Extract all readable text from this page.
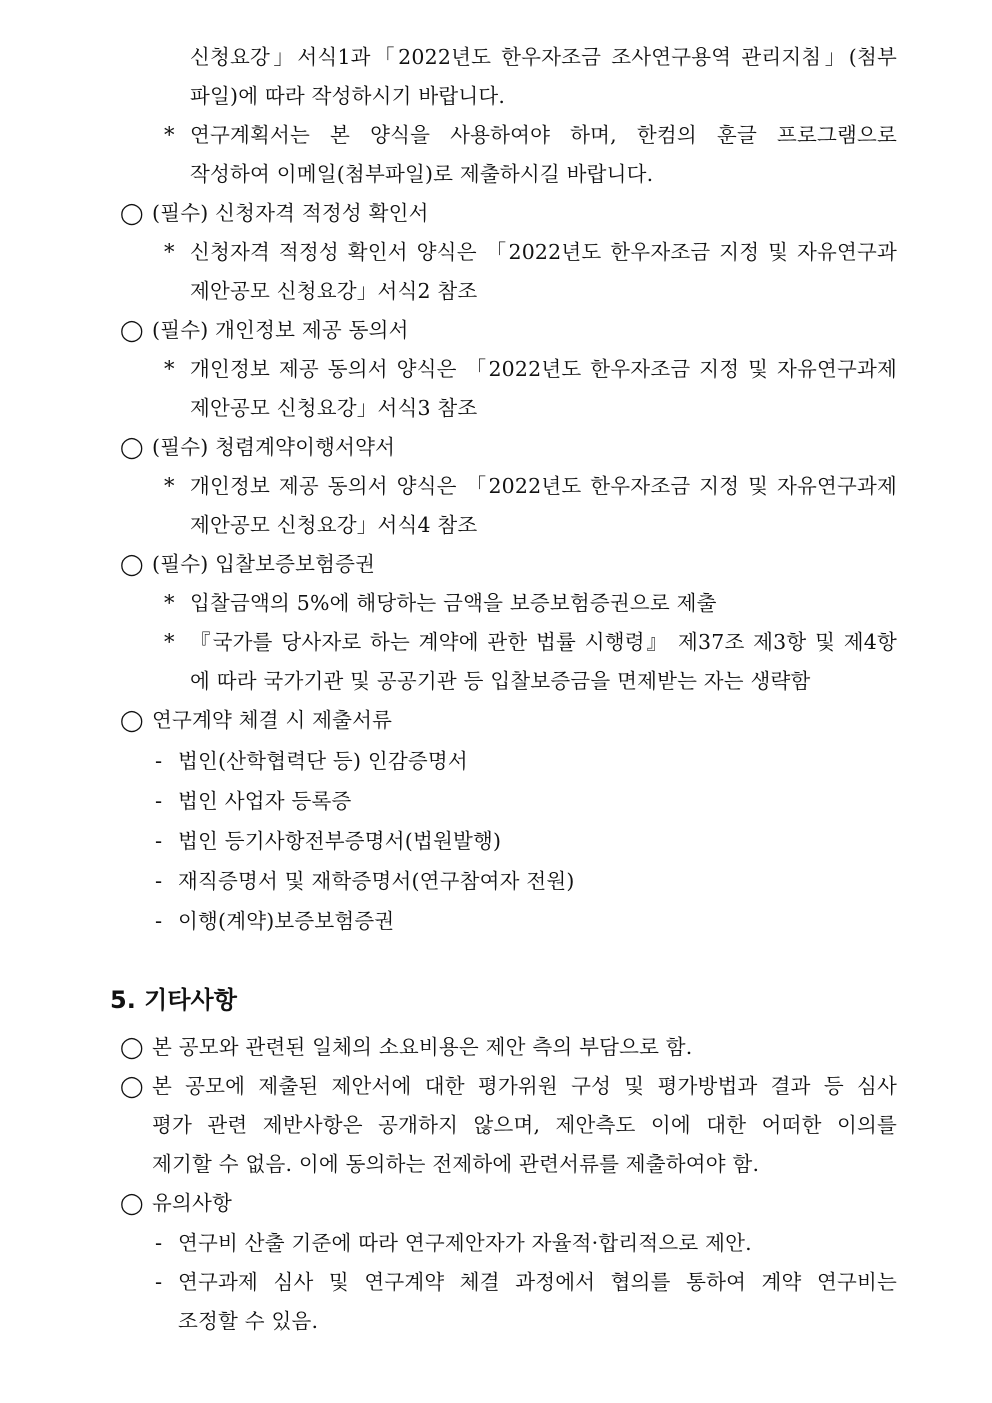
신청요강」서식1과「2022년도 한우자조금 조사연구용역 관리지침」(첨부
파일)에 따라 작성하시기 바랍니다.
* 연구계획서는 본 양식을 사용하여야 하며, 한컴의 훈글 프로그램으로
작성하여 이메일(첨부파일)로 제출하시길 바랍니다.
◯ (필수) 신청자격 적정성 확인서
* 신청자격 적정성 확인서 양식은 「2022년도 한우자조금 지정 및 자유연구과
제안공모 신청요강」서식2 참조
◯ (필수) 개인정보 제공 동의서
* 개인정보 제공 동의서 양식은 「2022년도 한우자조금 지정 및 자유연구과제
제안공모 신청요강」서식3 참조
◯ (필수) 청렴계약이행서약서
* 개인정보 제공 동의서 양식은 「2022년도 한우자조금 지정 및 자유연구과제
제안공모 신청요강」서식4 참조
◯ (필수) 입찰보증보험증권
* 입찰금액의 5%에 해당하는 금액을 보증보험증권으로 제출
* 『국가를 당사자로 하는 계약에 관한 법률 시행령』 제37조 제3항 및 제4항
에 따라 국가기관 및 공공기관 등 입찰보증금을 면제받는 자는 생략함
◯ 연구계약 체결 시 제출서류
- 법인(산학협력단 등) 인감증명서
- 법인 사업자 등록증
- 법인 등기사항전부증명서(법원발행)
- 재직증명서 및 재학증명서(연구참여자 전원)
- 이행(계약)보증보험증권
5. 기타사항
◯ 본 공모와 관련된 일체의 소요비용은 제안 측의 부담으로 함.
◯ 본 공모에 제출된 제안서에 대한 평가위원 구성 및 평가방법과 결과 등 심사
평가 관련 제반사항은 공개하지 않으며, 제안측도 이에 대한 어떠한 이의를
제기할 수 없음. 이에 동의하는 전제하에 관련서류를 제출하여야 함.
◯ 유의사항
- 연구비 산출 기준에 따라 연구제안자가 자율적·합리적으로 제안.
- 연구과제 심사 및 연구계약 체결 과정에서 협의를 통하여 계약 연구비는
조정할 수 있음.
